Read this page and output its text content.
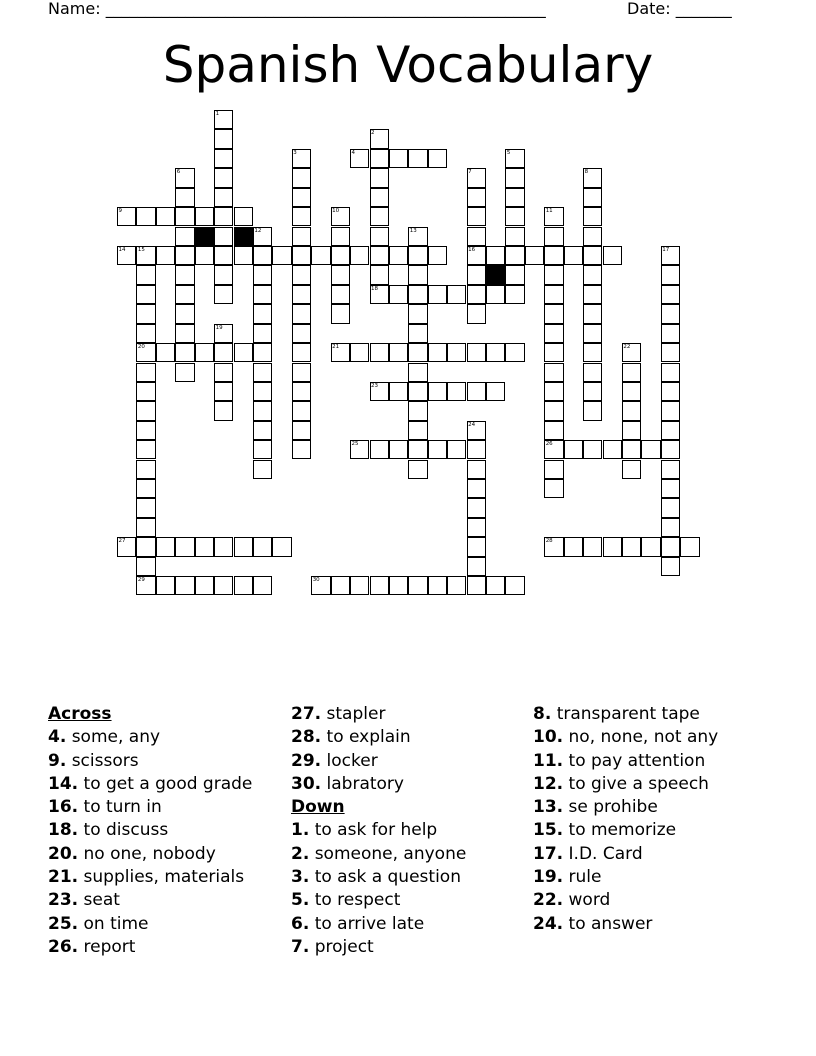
Name: _______________________________________________________	Date: _______
Spanish Vocabulary
1
2
3	4	5
6	7	8
9	10	11
12	13
14 15	16	17
18
19
20	21	22
23
24
25	26
27	28
29	30
Across
4. some, any
9. scissors
14. to get a good grade
16. to turn in
18. to discuss
20. no one, nobody
21. supplies, materials
23. seat
25. on time
26. report
27. stapler
28. to explain
29. locker
30. labratory
Down
1. to ask for help
2. someone, anyone
3. to ask a question
5. to respect
6. to arrive late
7. project
8. transparent tape
10. no, none, not any
11. to pay attention
12. to give a speech
13. se prohibe
15. to memorize
17. I.D. Card
19. rule
22. word
24. to answer
